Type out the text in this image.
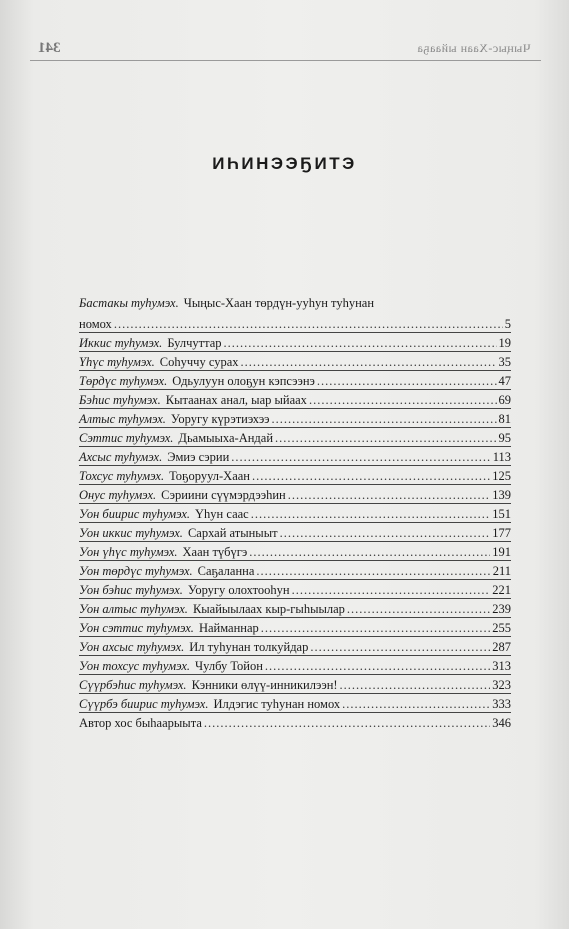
341	Чыңыс-Хаан ыйааҕа
ИҺИНЭЭҔИТЭ
Бастакы туһумэх. Чыңыс-Хаан төрдүн-ууһун туһунан
номох .....	5
Иккис туһумэх. Булчуттар .....	19
Үһүс туһумэх. Соһуччу сурах .....	35
Төрдүс туһумэх. Одьулуун олоҕун кэпсээнэ .....	47
Бэһис туһумэх. Кытаанах анал, ыар ыйаах .....	69
Алтыс туһумэх. Уоругу күрэтиэхээ .....	81
Сэттис туһумэх. Дьамыыха-Андай .....	95
Ахсыс туһумэх. Эмиэ сэрии .....	113
Тохсус туһумэх. Тоҕоруул-Хаан .....	125
Онус туһумэх. Сэриини сүүмэрдээһин .....	139
Уон биирис туһумэх. Үһун саас .....	151
Уон иккис туһумэх. Сархай атыныыт .....	177
Уон үһүс туһумэх. Хаан түбүгэ .....	191
Уон төрдүс туһумэх. Саҕаланна .....	211
Уон бэһис туһумэх. Уоругу олохтооһун .....	221
Уон алтыс туһумэх. Кыайыылаах кыр-гыһыылар .....	239
Уон сэттис туһумэх. Найманнар .....	255
Уон ахсыс туһумэх. Ил туһунан толкуйдар .....	287
Уон тохсус туһумэх. Чулбу Тойон .....	313
Сүүрбэһис туһумэх. Кэнники өлүү-инникилээн! .....	323
Сүүрбэ биирис туһумэх. Илдэгис туһунан номох .....	333
Автор хос быһаарыыта .....	346
